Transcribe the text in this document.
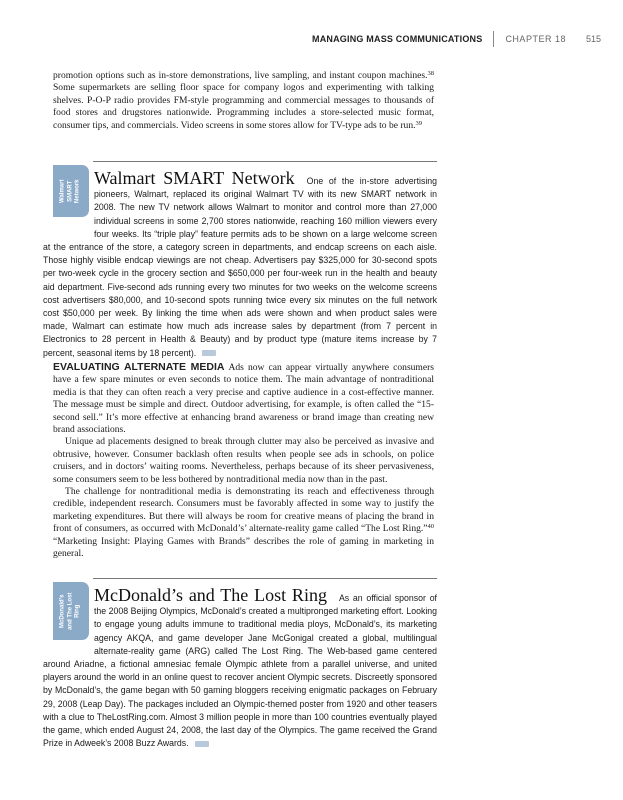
MANAGING MASS COMMUNICATIONS	CHAPTER 18 515

promotion options such as in-store demonstrations, live sampling, and instant coupon machines.$^{38}$ Some supermarkets are selling floor space for company logos and experimenting with talking shelves. P-O-P radio provides FM-style programming and commercial messages to thousands of food stores and drugstores nationwide. Programming includes a store-selected music format, consumer tips, and commercials. Video screens in some stores allow for TV-type ads to be run.$^{39}$

Walmart SMART Network
Walmart SMART Network One of the in-store advertising pioneers, Walmart, replaced its original Walmart TV with its new SMART network in 2008. The new TV network allows Walmart to monitor and control more than 27,000 individual screens in some 2,700 stores nationwide, reaching 160 million viewers every four weeks. Its “triple play” feature permits ads to be shown on a large welcome screen at the entrance of the store, a category screen in departments, and endcap screens on each aisle. Those highly visible endcap viewings are not cheap. Advertisers pay $325,000 for 30-second spots per two-week cycle in the grocery section and $650,000 per four-week run in the health and beauty aid department. Five-second ads running every two minutes for two weeks on the welcome screens cost advertisers $80,000, and 10-second spots running twice every six minutes on the full network cost $50,000 per week. By linking the time when ads were shown and when product sales were made, Walmart can estimate how much ads increase sales by department (from 7 percent in Electronics to 28 percent in Health & Beauty) and by product type (mature items increase by 7 percent, seasonal items by 18 percent).

EVALUATING ALTERNATE MEDIA Ads now can appear virtually anywhere consumers have a few spare minutes or even seconds to notice them. The main advantage of nontraditional media is that they can often reach a very precise and captive audience in a cost-effective manner. The message must be simple and direct. Outdoor advertising, for example, is often called the “15-second sell.” It’s more effective at enhancing brand awareness or brand image than creating new brand associations.

Unique ad placements designed to break through clutter may also be perceived as invasive and obtrusive, however. Consumer backlash often results when people see ads in schools, on police cruisers, and in doctors’ waiting rooms. Nevertheless, perhaps because of its sheer pervasiveness, some consumers seem to be less bothered by nontraditional media now than in the past.

The challenge for nontraditional media is demonstrating its reach and effectiveness through credible, independent research. Consumers must be favorably affected in some way to justify the marketing expenditures. But there will always be room for creative means of placing the brand in front of consumers, as occurred with McDonald’s’ alternate-reality game called “The Lost Ring.”$^{40}$ “Marketing Insight: Playing Games with Brands” describes the role of gaming in marketing in general.

McDonald’s and The Lost Ring
McDonald’s and The Lost Ring As an official sponsor of the 2008 Beijing Olympics, McDonald’s created a multipronged marketing effort. Looking to engage young adults immune to traditional media ploys, McDonald’s, its marketing agency AKQA, and game developer Jane McGonigal created a global, multilingual alternate-reality game (ARG) called The Lost Ring. The Web-based game centered around Ariadne, a fictional amnesiac female Olympic athlete from a parallel universe, and united players around the world in an online quest to recover ancient Olympic secrets. Discreetly sponsored by McDonald’s, the game began with 50 gaming bloggers receiving enigmatic packages on February 29, 2008 (Leap Day). The packages included an Olympic-themed poster from 1920 and other teasers with a clue to TheLostRing.com. Almost 3 million people in more than 100 countries eventually played the game, which ended August 24, 2008, the last day of the Olympics. The game received the Grand Prize in Adweek’s 2008 Buzz Awards.
